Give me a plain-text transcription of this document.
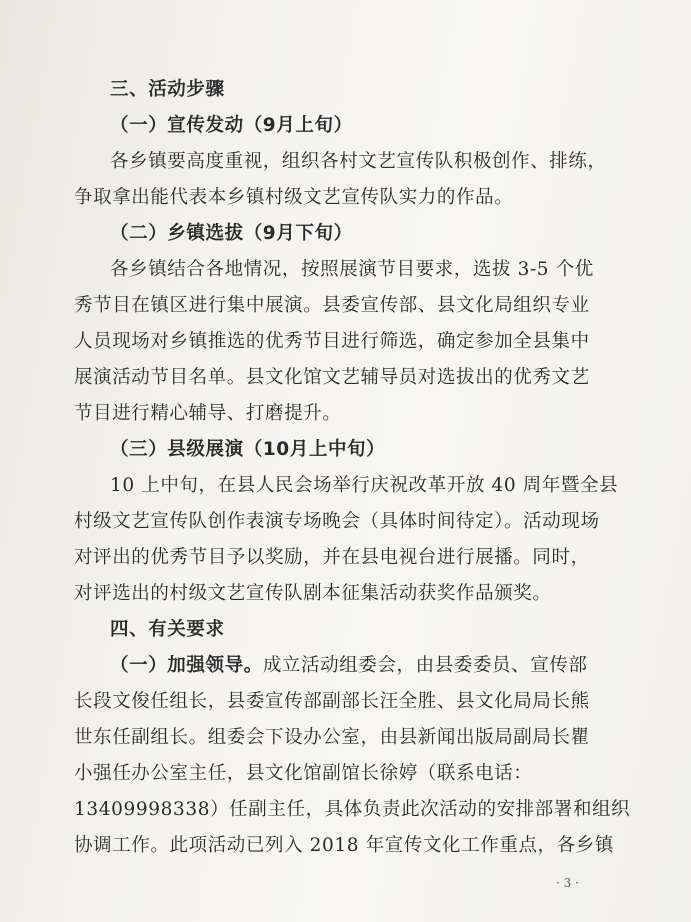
三、活动步骤
（一）宣传发动（9月上旬）
各乡镇要高度重视，组织各村文艺宣传队积极创作、排练，
争取拿出能代表本乡镇村级文艺宣传队实力的作品。
（二）乡镇选拔（9月下旬）
各乡镇结合各地情况，按照展演节目要求，选拔 3-5 个优
秀节目在镇区进行集中展演。县委宣传部、县文化局组织专业
人员现场对乡镇推选的优秀节目进行筛选，确定参加全县集中
展演活动节目名单。县文化馆文艺辅导员对选拔出的优秀文艺
节目进行精心辅导、打磨提升。
（三）县级展演（10月上中旬）
10 上中旬，在县人民会场举行庆祝改革开放 40 周年暨全县
村级文艺宣传队创作表演专场晚会（具体时间待定）。活动现场
对评出的优秀节目予以奖励，并在县电视台进行展播。同时，
对评选出的村级文艺宣传队剧本征集活动获奖作品颁奖。
四、有关要求
（一）加强领导。成立活动组委会，由县委委员、宣传部
长段文俊任组长，县委宣传部副部长汪全胜、县文化局局长熊
世东任副组长。组委会下设办公室，由县新闻出版局副局长瞿
小强任办公室主任，县文化馆副馆长徐婷（联系电话：
13409998338）任副主任，具体负责此次活动的安排部署和组织
协调工作。此项活动已列入 2018 年宣传文化工作重点，各乡镇
· 3 ·
